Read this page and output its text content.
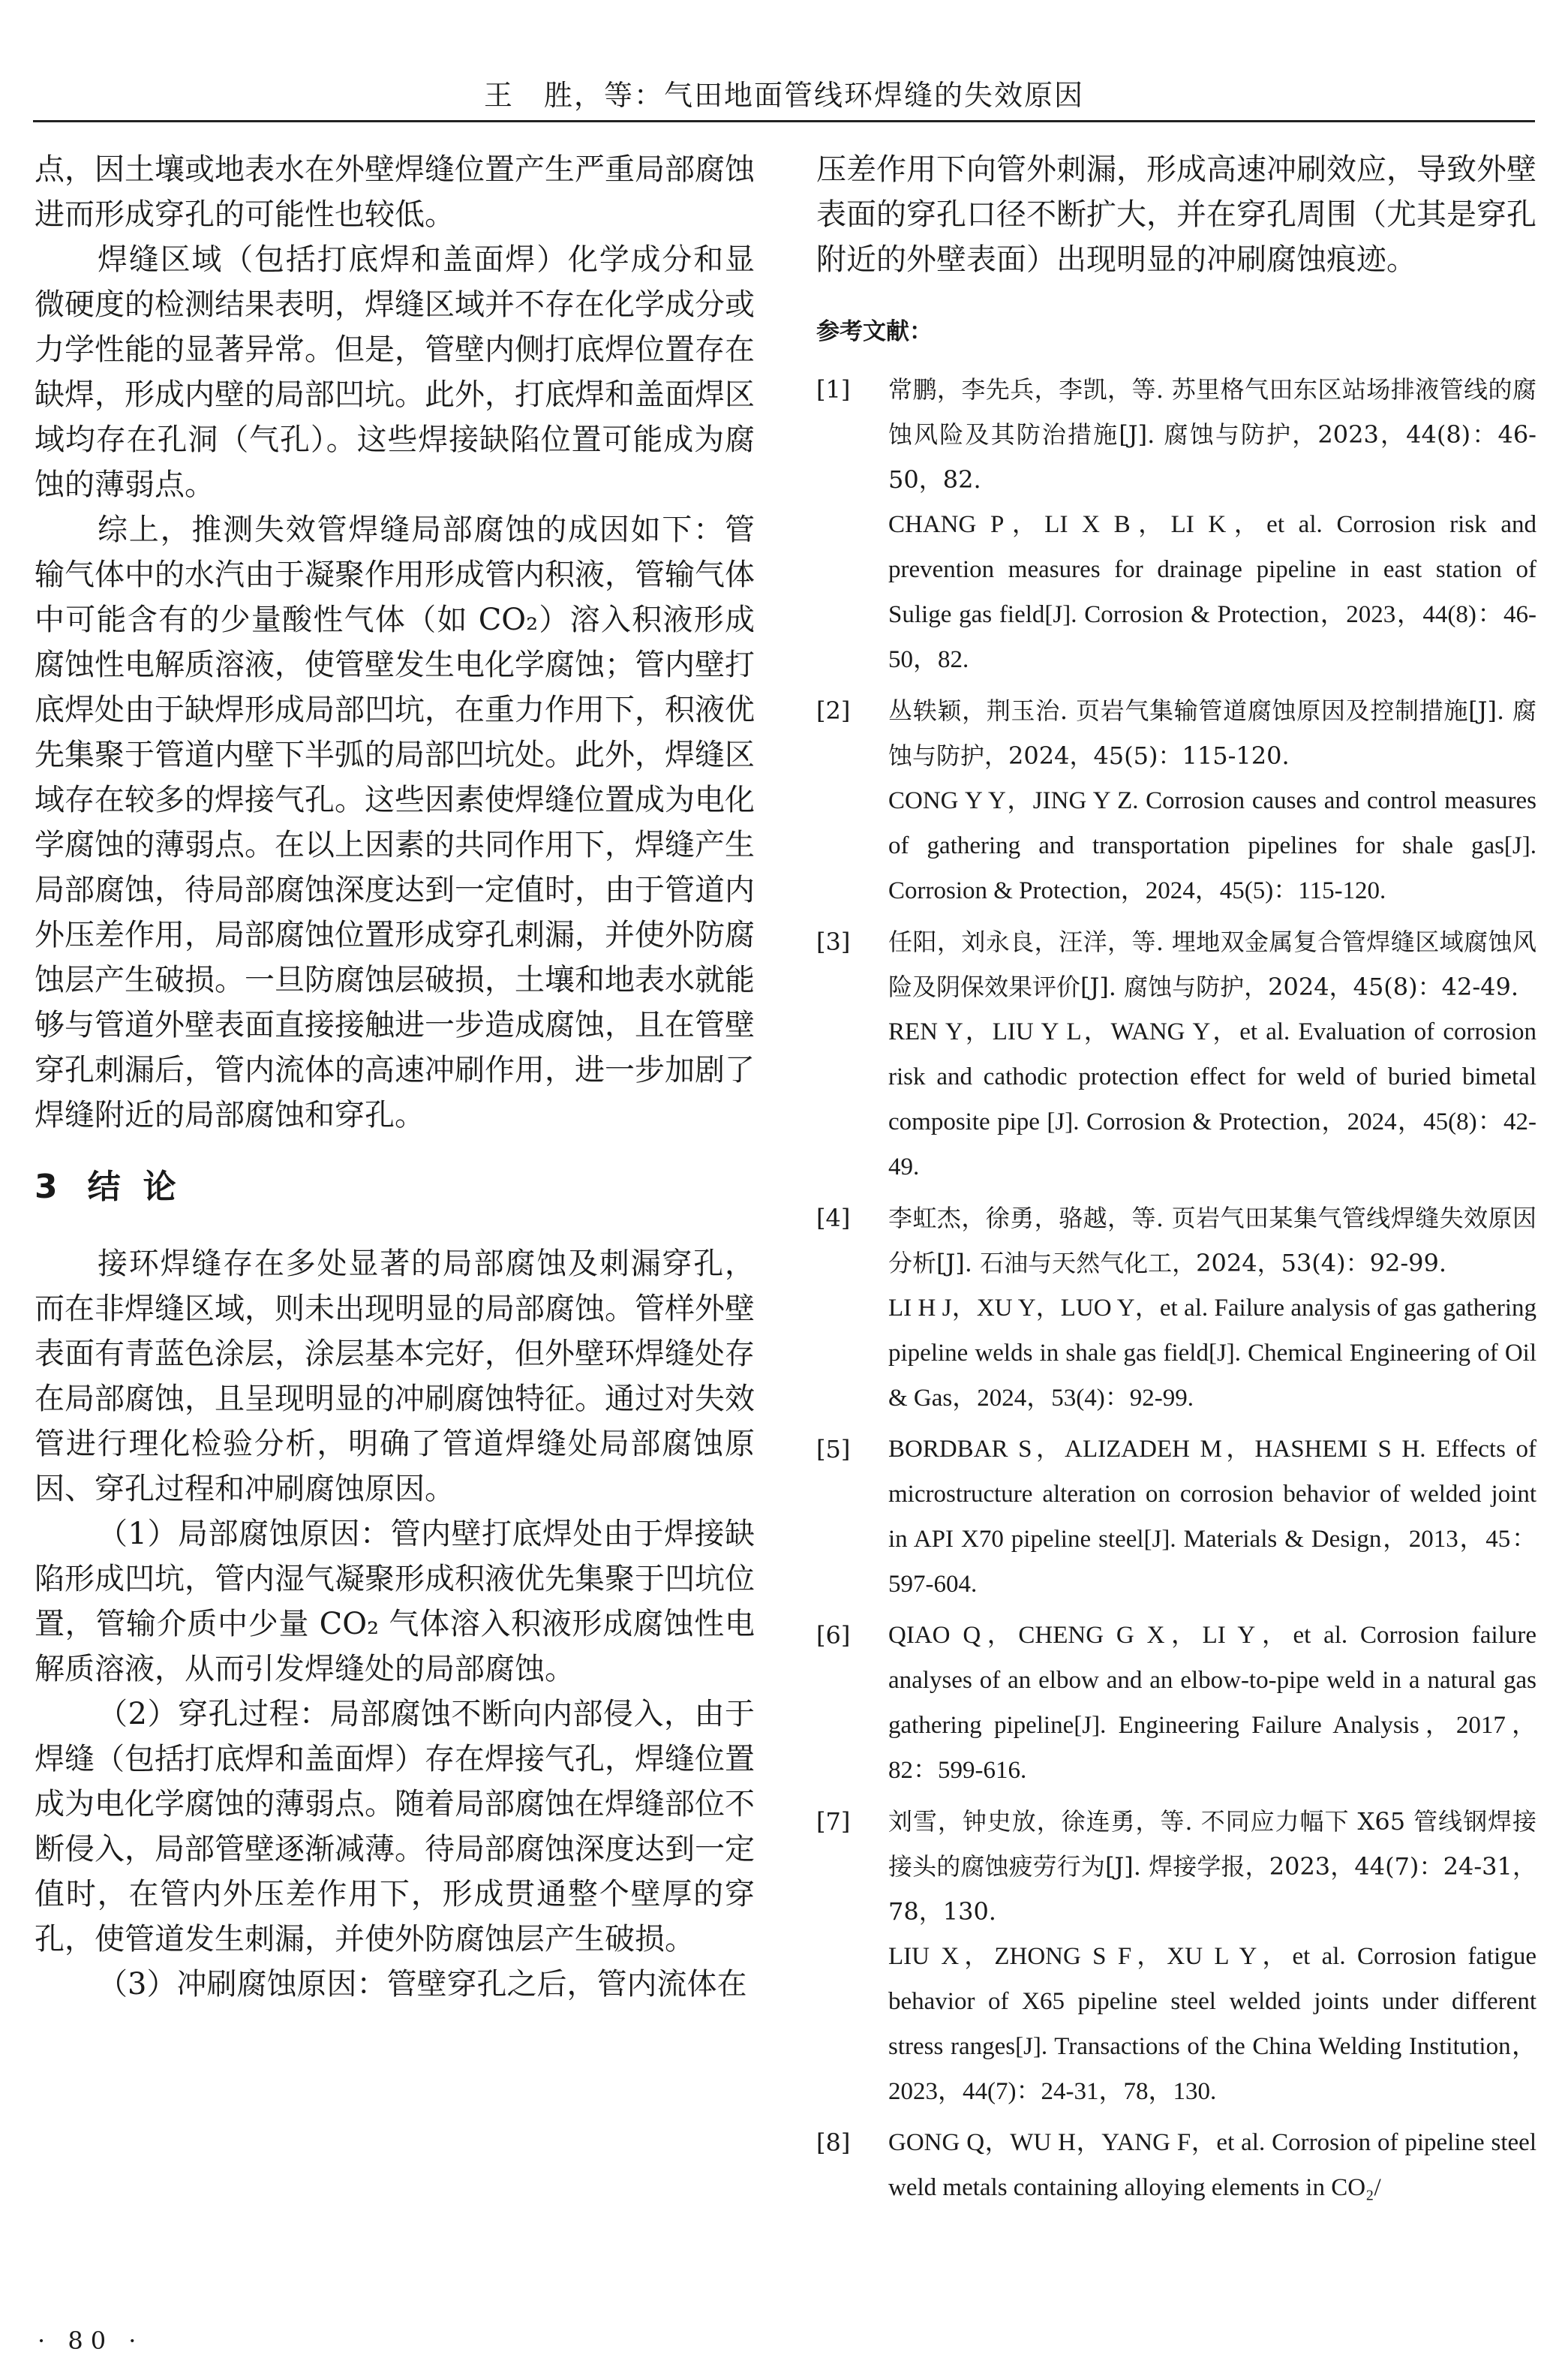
王　胜，等：气田地面管线环焊缝的失效原因

点，因土壤或地表水在外壁焊缝位置产生严重局部腐蚀进而形成穿孔的可能性也较低。

焊缝区域（包括打底焊和盖面焊）化学成分和显微硬度的检测结果表明，焊缝区域并不存在化学成分或力学性能的显著异常。但是，管壁内侧打底焊位置存在缺焊，形成内壁的局部凹坑。此外，打底焊和盖面焊区域均存在孔洞（气孔）。这些焊接缺陷位置可能成为腐蚀的薄弱点。

综上，推测失效管焊缝局部腐蚀的成因如下：管输气体中的水汽由于凝聚作用形成管内积液，管输气体中可能含有的少量酸性气体（如 CO₂）溶入积液形成腐蚀性电解质溶液，使管壁发生电化学腐蚀；管内壁打底焊处由于缺焊形成局部凹坑，在重力作用下，积液优先集聚于管道内壁下半弧的局部凹坑处。此外，焊缝区域存在较多的焊接气孔。这些因素使焊缝位置成为电化学腐蚀的薄弱点。在以上因素的共同作用下，焊缝产生局部腐蚀，待局部腐蚀深度达到一定值时，由于管道内外压差作用，局部腐蚀位置形成穿孔刺漏，并使外防腐蚀层产生破损。一旦防腐蚀层破损，土壤和地表水就能够与管道外壁表面直接接触进一步造成腐蚀，且在管壁穿孔刺漏后，管内流体的高速冲刷作用，进一步加剧了焊缝附近的局部腐蚀和穿孔。

3 结论

接环焊缝存在多处显著的局部腐蚀及刺漏穿孔，而在非焊缝区域，则未出现明显的局部腐蚀。管样外壁表面有青蓝色涂层，涂层基本完好，但外壁环焊缝处存在局部腐蚀，且呈现明显的冲刷腐蚀特征。通过对失效管进行理化检验分析，明确了管道焊缝处局部腐蚀原因、穿孔过程和冲刷腐蚀原因。

（1）局部腐蚀原因：管内壁打底焊处由于焊接缺陷形成凹坑，管内湿气凝聚形成积液优先集聚于凹坑位置，管输介质中少量 CO₂ 气体溶入积液形成腐蚀性电解质溶液，从而引发焊缝处的局部腐蚀。

（2）穿孔过程：局部腐蚀不断向内部侵入，由于焊缝（包括打底焊和盖面焊）存在焊接气孔，焊缝位置成为电化学腐蚀的薄弱点。随着局部腐蚀在焊缝部位不断侵入，局部管壁逐渐减薄。待局部腐蚀深度达到一定值时，在管内外压差作用下，形成贯通整个壁厚的穿孔，使管道发生刺漏，并使外防腐蚀层产生破损。

（3）冲刷腐蚀原因：管壁穿孔之后，管内流体在

压差作用下向管外刺漏，形成高速冲刷效应，导致外壁表面的穿孔口径不断扩大，并在穿孔周围（尤其是穿孔附近的外壁表面）出现明显的冲刷腐蚀痕迹。

参考文献：
[1]	常鹏，李先兵，李凯，等. 苏里格气田东区站场排液管线的腐蚀风险及其防治措施[J]. 腐蚀与防护，2023，44(8)：46-50，82.

CHANG P，LI X B，LI K，et al. Corrosion risk and prevention measures for drainage pipeline in east station of Sulige gas field[J]. Corrosion & Protection，2023，44(8)：46-50，82.

[2]	丛轶颖，荆玉治. 页岩气集输管道腐蚀原因及控制措施[J]. 腐蚀与防护，2024，45(5)：115-120.

CONG Y Y，JING Y Z. Corrosion causes and control measures of gathering and transportation pipelines for shale gas[J]. Corrosion & Protection，2024，45(5)：115-120.

[3]	任阳，刘永良，汪洋，等. 埋地双金属复合管焊缝区域腐蚀风险及阴保效果评价[J]. 腐蚀与防护，2024，45(8)：42-49.

REN Y，LIU Y L，WANG Y，et al. Evaluation of corrosion risk and cathodic protection effect for weld of buried bimetal composite pipe [J]. Corrosion & Protection，2024，45(8)：42-49.

[4]	李虹杰，徐勇，骆越，等. 页岩气田某集气管线焊缝失效原因分析[J]. 石油与天然气化工，2024，53(4)：92-99.

LI H J，XU Y，LUO Y，et al. Failure analysis of gas gathering pipeline welds in shale gas field[J]. Chemical Engineering of Oil & Gas，2024，53(4)：92-99.

[5]	BORDBAR S，ALIZADEH M，HASHEMI S H. Effects of microstructure alteration on corrosion behavior of welded joint in API X70 pipeline steel[J]. Materials & Design，2013，45：597-604.

[6]	QIAO Q，CHENG G X，LI Y，et al. Corrosion failure analyses of an elbow and an elbow-to-pipe weld in a natural gas gathering pipeline[J]. Engineering Failure Analysis，2017，82：599-616.

[7]	刘雪，钟史放，徐连勇，等. 不同应力幅下 X65 管线钢焊接接头的腐蚀疲劳行为[J]. 焊接学报，2023，44(7)：24-31，78，130.

LIU X，ZHONG S F，XU L Y，et al. Corrosion fatigue behavior of X65 pipeline steel welded joints under different stress ranges[J]. Transactions of the China Welding Institution，2023，44(7)：24-31，78，130.

[8]	GONG Q，WU H，YANG F，et al. Corrosion of pipeline steel weld metals containing alloying elements in CO₂/

· 80 ·
